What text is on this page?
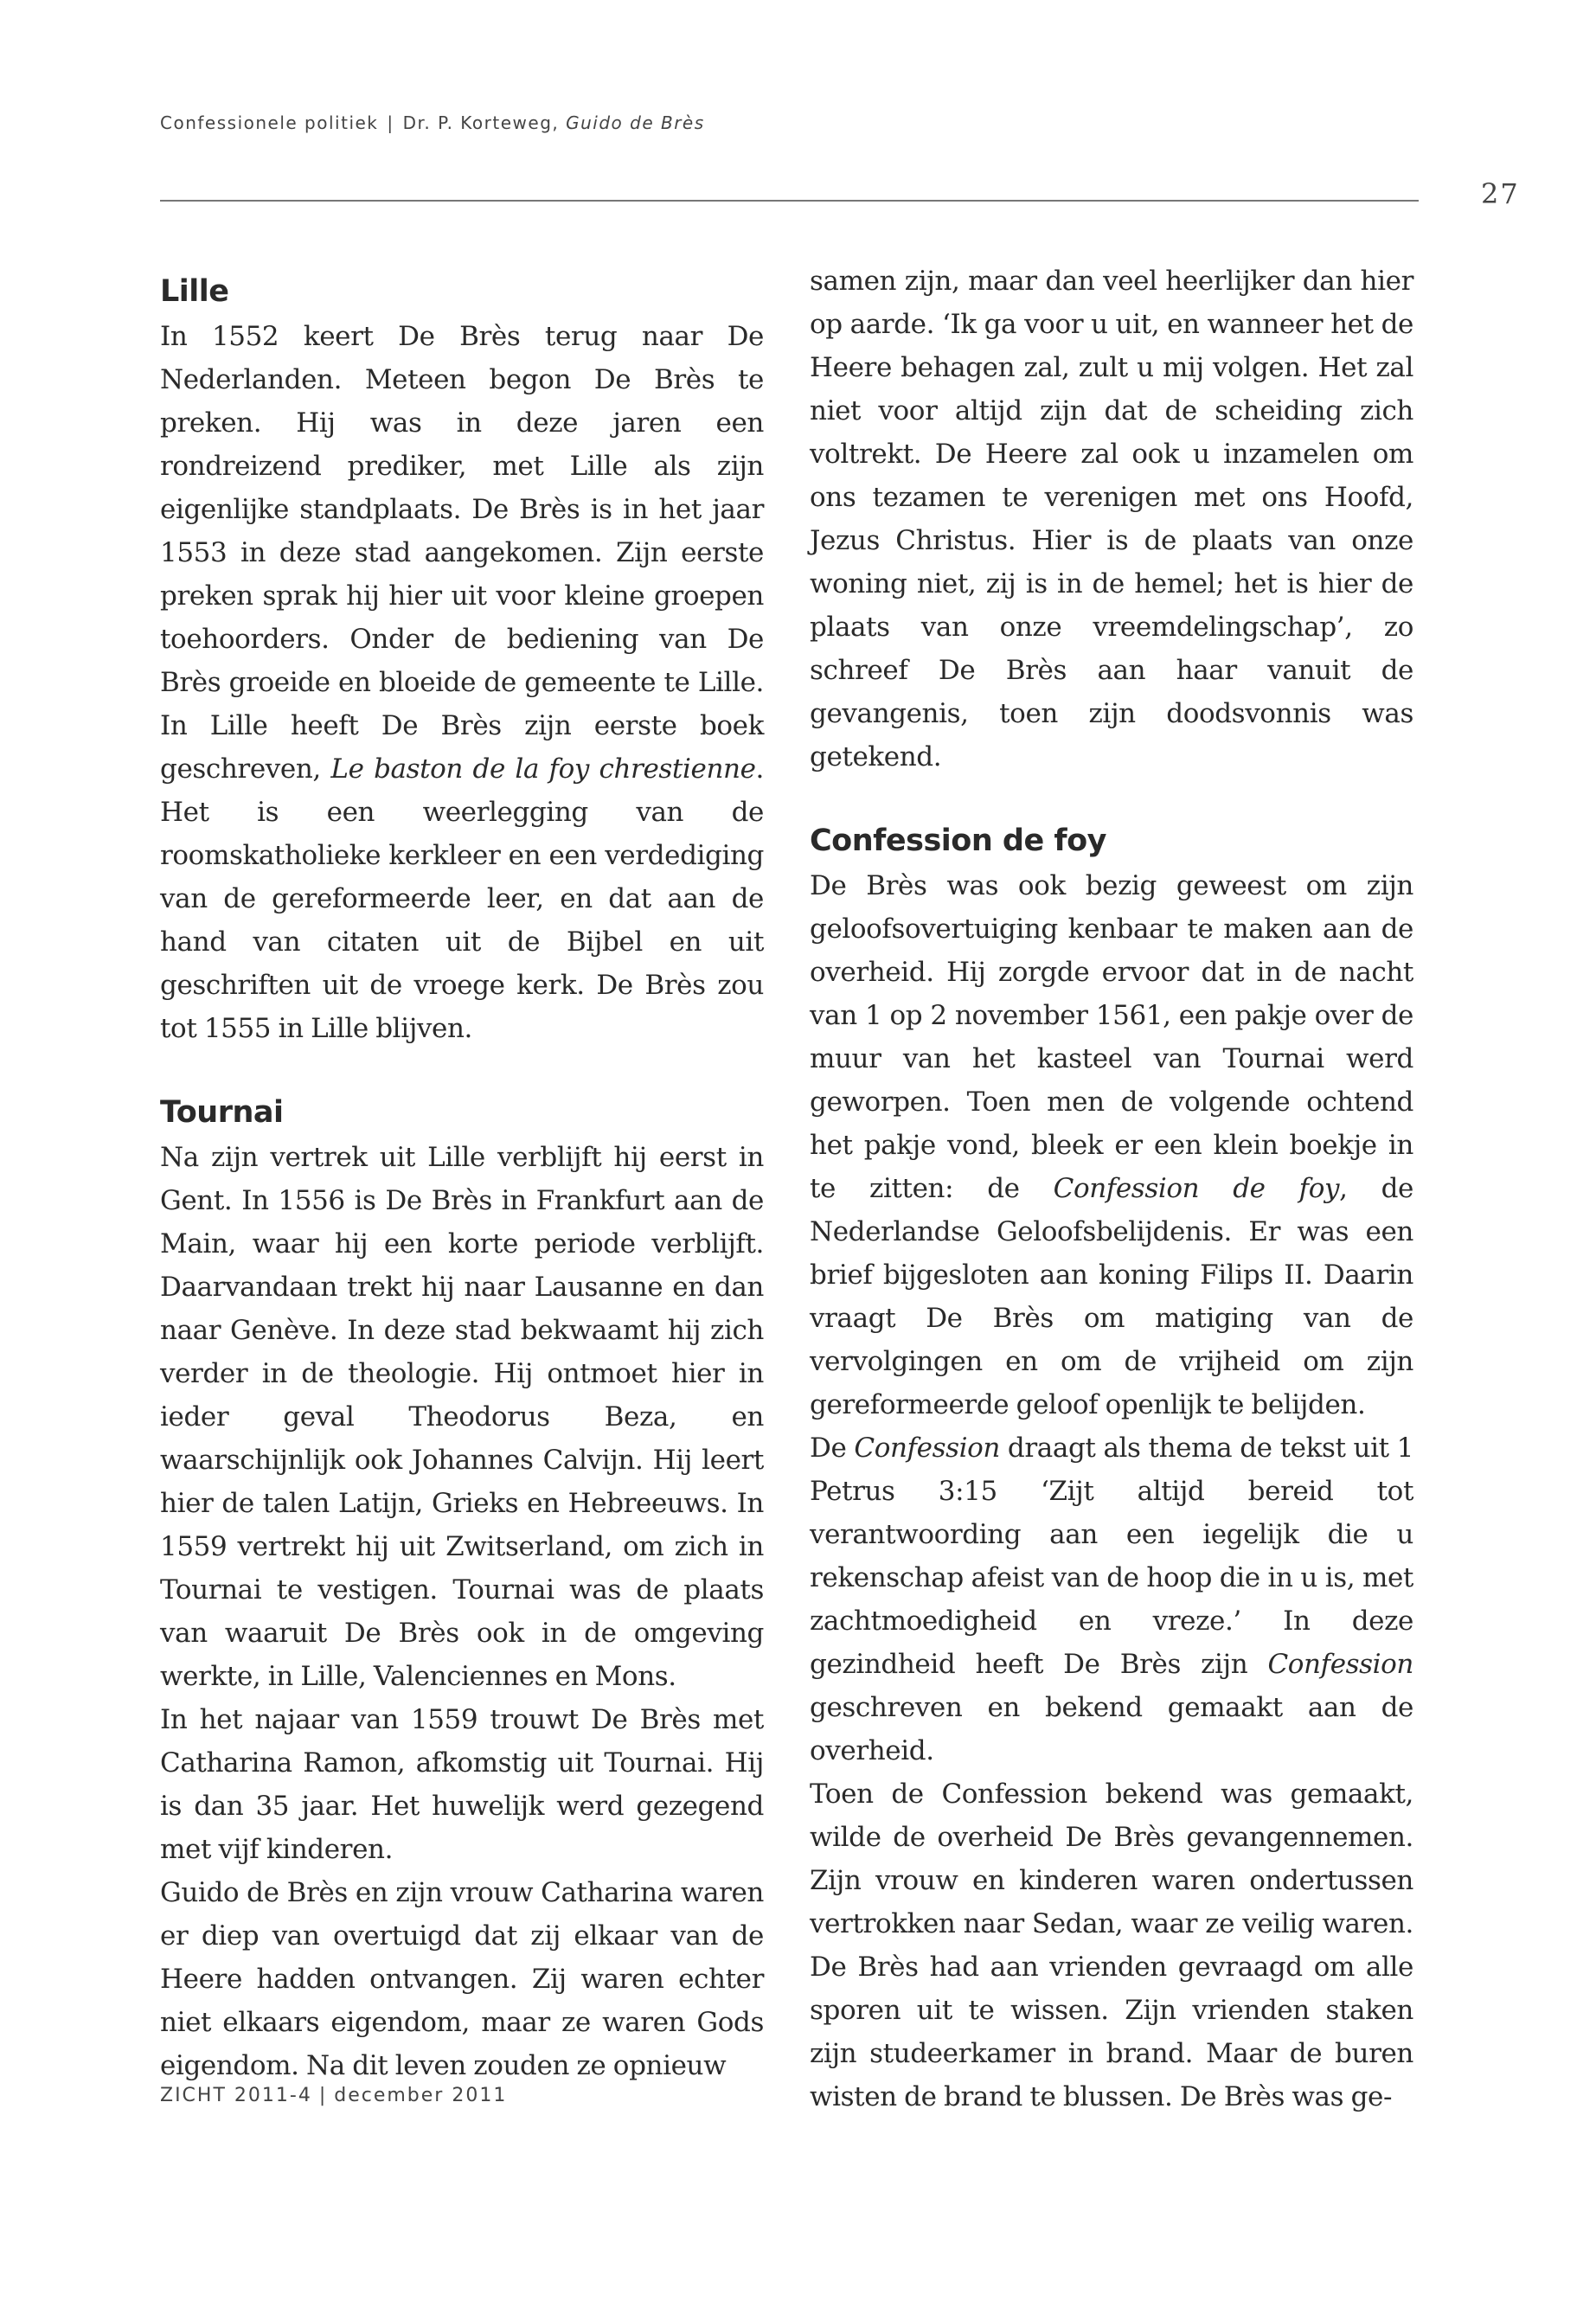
Confessionele politiek | Dr. P. Korteweg, Guido de Brès
27
Lille

In 1552 keert De Brès terug naar De Nederlanden. Meteen begon De Brès te preken. Hij was in deze jaren een rondreizend prediker, met Lille als zijn eigenlijke standplaats. De Brès is in het jaar 1553 in deze stad aangekomen. Zijn eerste preken sprak hij hier uit voor kleine groepen toehoorders. Onder de bediening van De Brès groeide en bloeide de gemeente te Lille. In Lille heeft De Brès zijn eerste boek geschreven, Le baston de la foy chrestienne. Het is een weerlegging van de roomskatholieke kerkleer en een verdediging van de gereformeerde leer, en dat aan de hand van citaten uit de Bijbel en uit geschriften uit de vroege kerk. De Brès zou tot 1555 in Lille blijven.

Tournai

Na zijn vertrek uit Lille verblijft hij eerst in Gent. In 1556 is De Brès in Frankfurt aan de Main, waar hij een korte periode verblijft. Daarvandaan trekt hij naar Lausanne en dan naar Genève. In deze stad bekwaamt hij zich verder in de theologie. Hij ontmoet hier in ieder geval Theodorus Beza, en waarschijnlijk ook Johannes Calvijn. Hij leert hier de talen Latijn, Grieks en Hebreeuws. In 1559 vertrekt hij uit Zwitserland, om zich in Tournai te vestigen. Tournai was de plaats van waaruit De Brès ook in de omgeving werkte, in Lille, Valenciennes en Mons.

In het najaar van 1559 trouwt De Brès met Catharina Ramon, afkomstig uit Tournai. Hij is dan 35 jaar. Het huwelijk werd gezegend met vijf kinderen.

Guido de Brès en zijn vrouw Catharina waren er diep van overtuigd dat zij elkaar van de Heere hadden ontvangen. Zij waren echter niet elkaars eigendom, maar ze waren Gods eigendom. Na dit leven zouden ze opnieuw

samen zijn, maar dan veel heerlijker dan hier op aarde. ‘Ik ga voor u uit, en wanneer het de Heere behagen zal, zult u mij volgen. Het zal niet voor altijd zijn dat de scheiding zich voltrekt. De Heere zal ook u inzamelen om ons tezamen te verenigen met ons Hoofd, Jezus Christus. Hier is de plaats van onze woning niet, zij is in de hemel; het is hier de plaats van onze vreemdelingschap’, zo schreef De Brès aan haar vanuit de gevangenis, toen zijn doodsvonnis was getekend.

Confession de foy

De Brès was ook bezig geweest om zijn geloofsovertuiging kenbaar te maken aan de overheid. Hij zorgde ervoor dat in de nacht van 1 op 2 november 1561, een pakje over de muur van het kasteel van Tournai werd geworpen. Toen men de volgende ochtend het pakje vond, bleek er een klein boekje in te zitten: de Confession de foy, de Nederlandse Geloofsbelijdenis. Er was een brief bijgesloten aan koning Filips II. Daarin vraagt De Brès om matiging van de vervolgingen en om de vrijheid om zijn gereformeerde geloof openlijk te belijden.

De Confession draagt als thema de tekst uit 1 Petrus 3:15 ‘Zijt altijd bereid tot verantwoording aan een iegelijk die u rekenschap afeist van de hoop die in u is, met zachtmoedigheid en vreze.’ In deze gezindheid heeft De Brès zijn Confession geschreven en bekend gemaakt aan de overheid.

Toen de Confession bekend was gemaakt, wilde de overheid De Brès gevangennemen. Zijn vrouw en kinderen waren ondertussen vertrokken naar Sedan, waar ze veilig waren. De Brès had aan vrienden gevraagd om alle sporen uit te wissen. Zijn vrienden staken zijn studeerkamer in brand. Maar de buren wisten de brand te blussen. De Brès was ge-

ZICHT 2011-4 | december 2011
